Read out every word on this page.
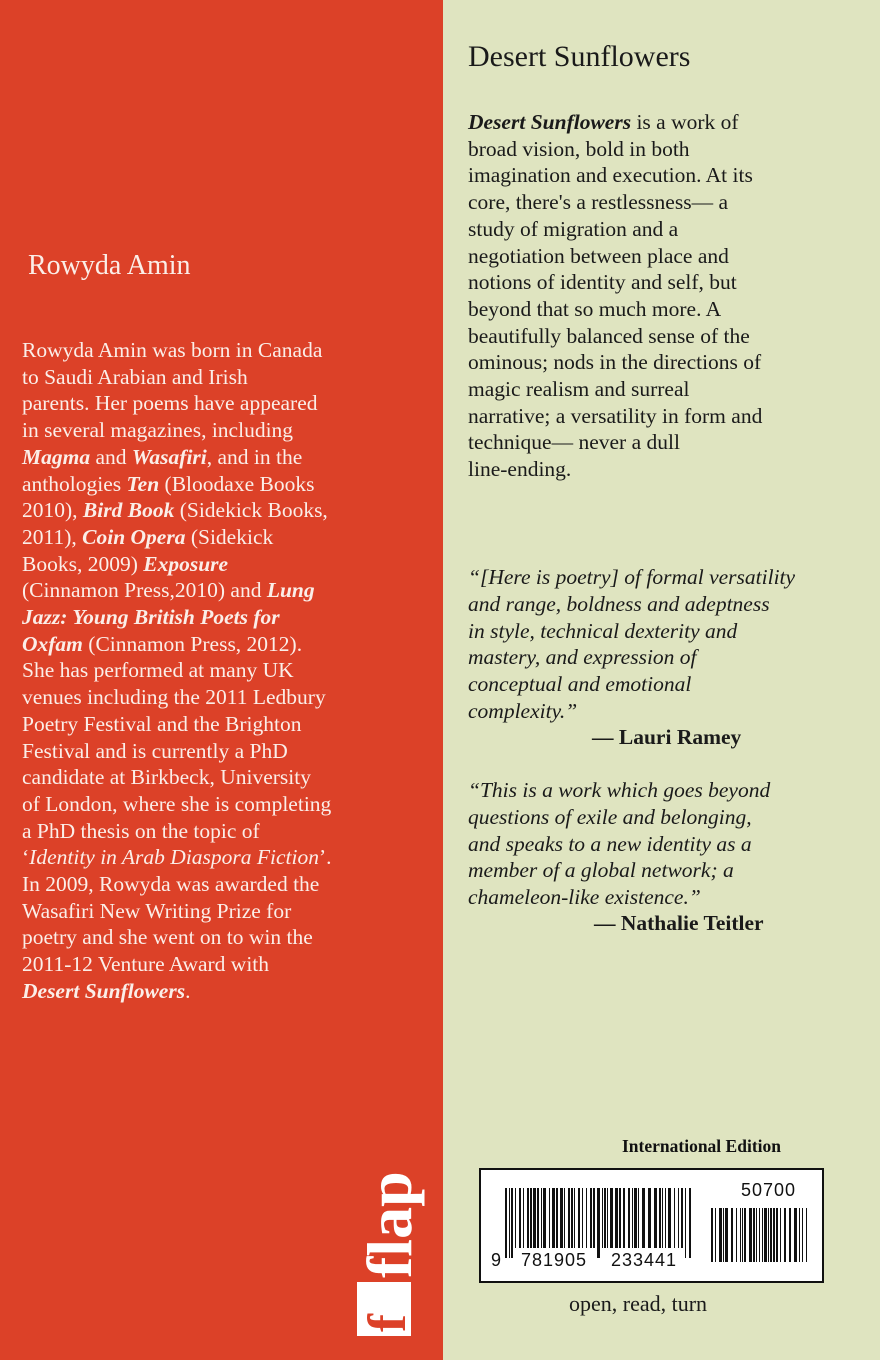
Rowyda Amin
Rowyda Amin was born in Canada
to Saudi Arabian and Irish
parents. Her poems have appeared
in several magazines, including
Magma and Wasafiri, and in the
anthologies Ten (Bloodaxe Books
2010), Bird Book (Sidekick Books,
2011), Coin Opera (Sidekick
Books, 2009) Exposure
(Cinnamon Press,2010) and Lung
Jazz: Young British Poets for
Oxfam (Cinnamon Press, 2012).
She has performed at many UK
venues including the 2011 Ledbury
Poetry Festival and the Brighton
Festival and is currently a PhD
candidate at Birkbeck, University
of London, where she is completing
a PhD thesis on the topic of
‘Identity in Arab Diaspora Fiction’.
In 2009, Rowyda was awarded the
Wasafiri New Writing Prize for
poetry and she went on to win the
2011-12 Venture Award with
Desert Sunflowers.
f
flap
Desert Sunflowers
Desert Sunflowers is a work of
broad vision, bold in both
imagination and execution. At its
core, there's a restlessness— a
study of migration and a
negotiation between place and
notions of identity and self, but
beyond that so much more. A
beautifully balanced sense of the
ominous; nods in the directions of
magic realism and surreal
narrative; a versatility in form and
technique— never a dull
line-ending.
“[Here is poetry] of formal versatility
and range, boldness and adeptness
in style, technical dexterity and
mastery, and expression of
conceptual and emotional
complexity.”
— Lauri Ramey
“This is a work which goes beyond
questions of exile and belonging,
and speaks to a new identity as a
member of a global network; a
chameleon-like existence.”
— Nathalie Teitler
International Edition
9 781905 233441
50700
open, read, turn
